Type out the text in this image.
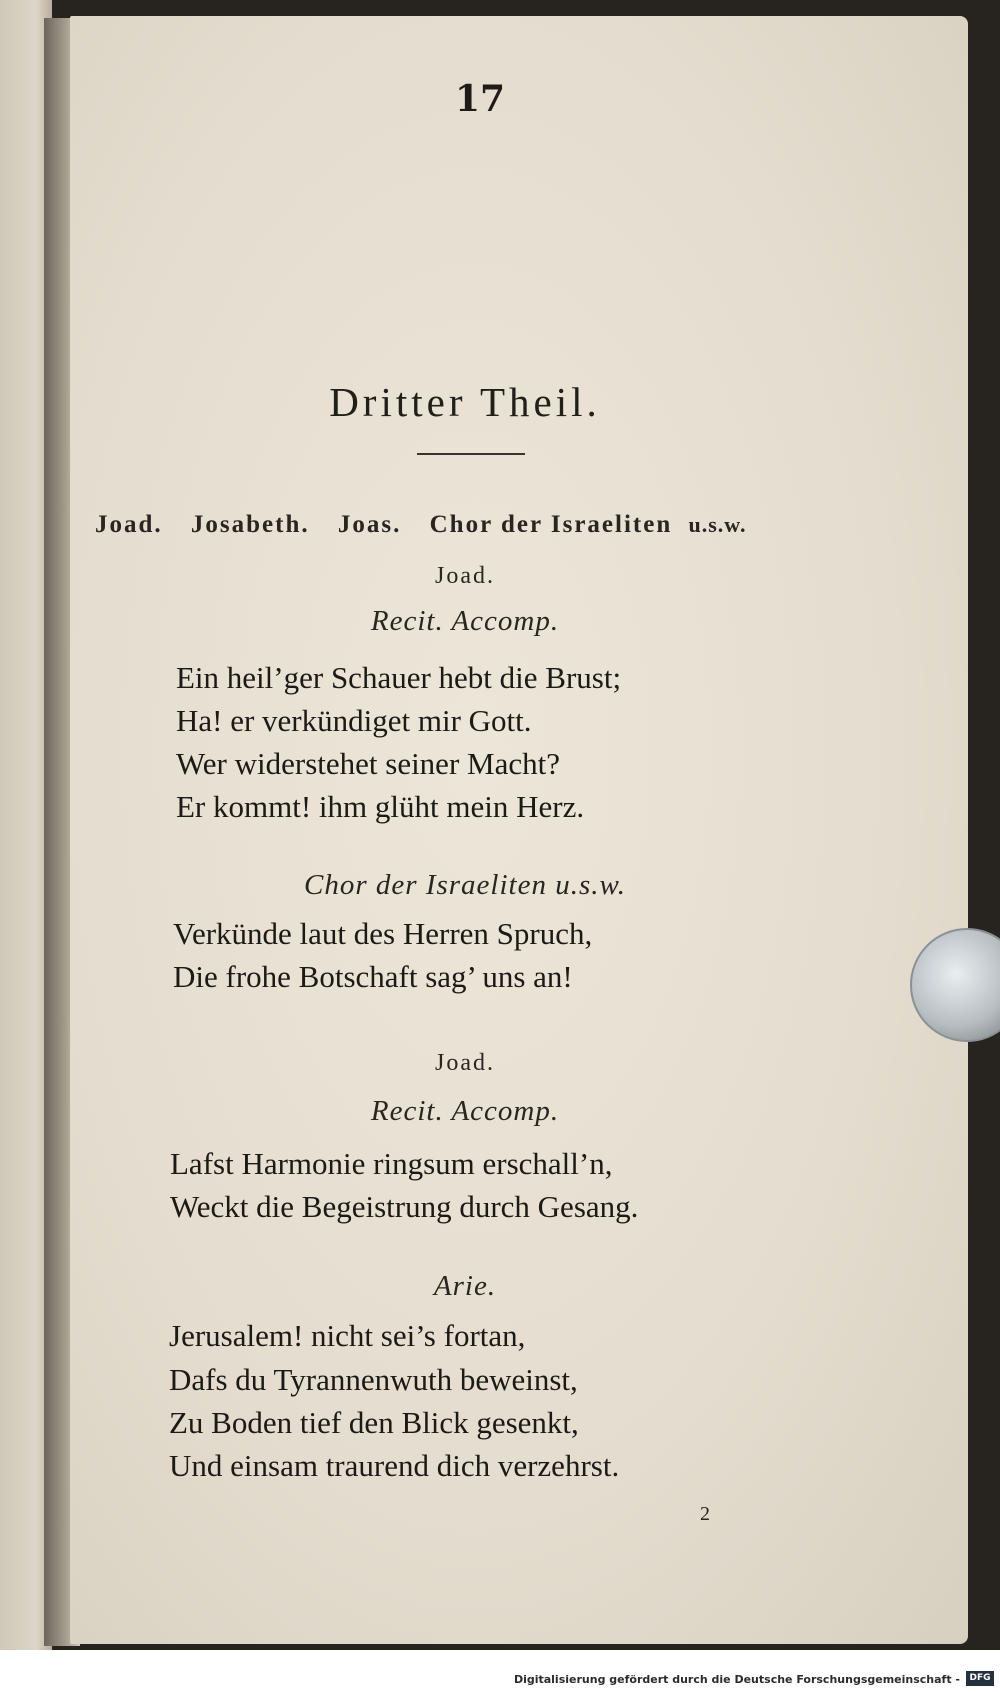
17
Dritter Theil.
Joad. Josabeth. Joas. Chor der Israeliten u.s.w.
Joad.
Recit. Accomp.
Ein heil’ger Schauer hebt die Brust;
Ha! er verkündiget mir Gott.
Wer widerstehet seiner Macht?
Er kommt! ihm glüht mein Herz.
Chor der Israeliten u.s.w.
Verkünde laut des Herren Spruch,
Die frohe Botschaft sag’ uns an!
Joad.
Recit. Accomp.
Lafst Harmonie ringsum erschall’n,
Weckt die Begeistrung durch Gesang.
Arie.
Jerusalem! nicht sei’s fortan,
Dafs du Tyrannenwuth beweinst,
Zu Boden tief den Blick gesenkt,
Und einsam traurend dich verzehrst.
2
Digitalisierung gefördert durch die Deutsche Forschungsgemeinschaft -	DFG
